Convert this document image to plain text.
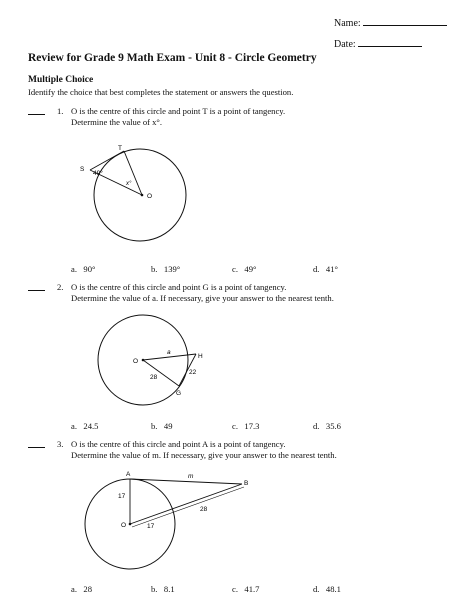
Name:
Date:
Review for Grade 9 Math Exam - Unit 8 - Circle Geometry
Multiple Choice
Identify the choice that best completes the statement or answers the question.
1. O is the centre of this circle and point T is a point of tangency.
Determine the value of x°.
S
T
O
49°
x°
a. 90°	b. 139°	c. 49°	d. 41°
2. O is the centre of this circle and point G is a point of tangency.
Determine the value of a. If necessary, give your answer to the nearest tenth.
O
H
G
a
28
22
a. 24.5	b. 49	c. 17.3	d. 35.6
3. O is the centre of this circle and point A is a point of tangency.
Determine the value of m. If necessary, give your answer to the nearest tenth.
A
B
O
m
17
17
28
a. 28	b. 8.1	c. 41.7	d. 48.1
